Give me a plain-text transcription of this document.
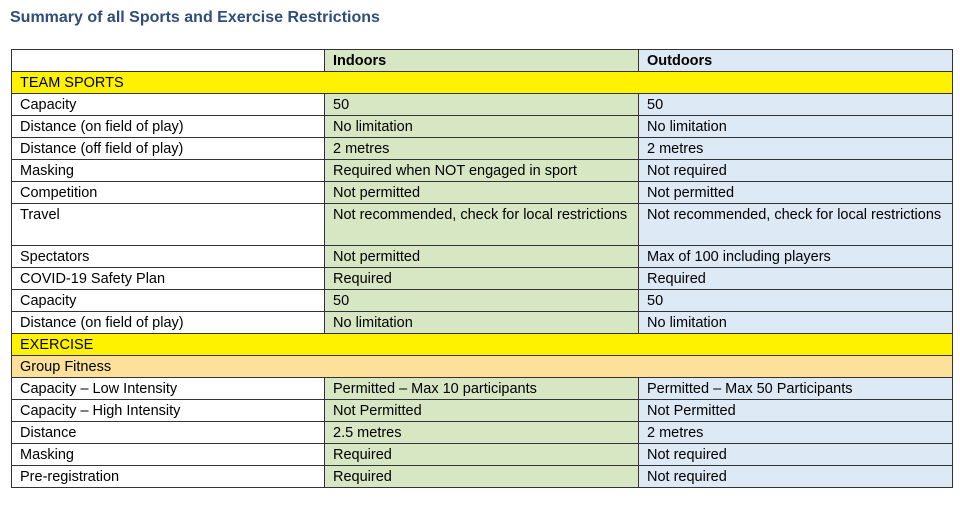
Summary of all Sports and Exercise Restrictions
	Indoors	Outdoors
TEAM SPORTS		
Capacity	50	50
Distance (on field of play)	No limitation	No limitation
Distance (off field of play)	2 metres	2 metres
Masking	Required when NOT engaged in sport	Not required
Competition	Not permitted	Not permitted
Travel	Not recommended, check for local restrictions	Not recommended, check for local restrictions
Spectators	Not permitted	Max of 100 including players
COVID-19 Safety Plan	Required	Required
Capacity	50	50
Distance (on field of play)	No limitation	No limitation
EXERCISE		
Group Fitness		
Capacity – Low Intensity	Permitted – Max 10 participants	Permitted – Max 50 Participants
Capacity – High Intensity	Not Permitted	Not Permitted
Distance	2.5 metres	2 metres
Masking	Required	Not required
Pre-registration	Required	Not required
